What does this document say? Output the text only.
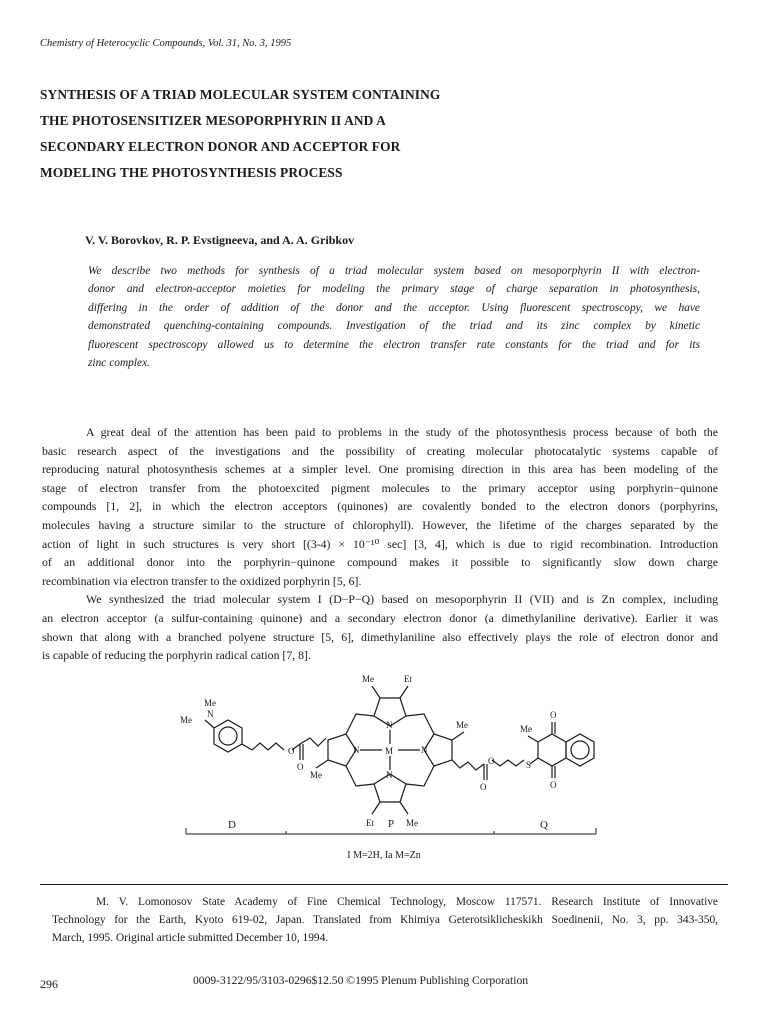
Chemistry of Heterocyclic Compounds, Vol. 31, No. 3, 1995
SYNTHESIS OF A TRIAD MOLECULAR SYSTEM CONTAINING
THE PHOTOSENSITIZER MESOPORPHYRIN II AND A
SECONDARY ELECTRON DONOR AND ACCEPTOR FOR
MODELING THE PHOTOSYNTHESIS PROCESS
V. V. Borovkov, R. P. Evstigneeva, and A. A. Gribkov
We describe two methods for synthesis of a triad molecular system based on mesoporphyrin II with electron-
donor and electron-acceptor moieties for modeling the primary stage of charge separation in photosynthesis,
differing in the order of addition of the donor and the acceptor. Using fluorescent spectroscopy, we have
demonstrated quenching-containing compounds. Investigation of the triad and its zinc complex by kinetic
fluorescent spectroscopy allowed us to determine the electron transfer rate constants for the triad and for its
zinc complex.
A great deal of the attention has been paid to problems in the study of the photosynthesis process because of both the
basic research aspect of the investigations and the possibility of creating molecular photocatalytic systems capable of
reproducing natural photosynthesis schemes at a simpler level. One promising direction in this area has been modeling of the
stage of electron transfer from the photoexcited pigment molecules to the primary acceptor using porphyrin−quinone
compounds [1, 2], in which the electron acceptors (quinones) are covalently bonded to the electron donors (porphyrins,
molecules having a structure similar to the structure of chlorophyll). However, the lifetime of the charges separated by the
action of light in such structures is very short [(3-4) × 10⁻¹⁰ sec] [3, 4], which is due to rigid recombination. Introduction
of an additional donor into the porphyrin−quinone compound makes it possible to significantly slow down charge
recombination via electron transfer to the oxidized porphyrin [5, 6].
We synthesized the triad molecular system I (D−P−Q) based on mesoporphyrin II (VII) and is Zn complex, including
an electron acceptor (a sulfur-containing quinone) and a secondary electron donor (a dimethylaniline derivative). Earlier it was
shown that along with a branched polyene structure [5, 6], dimethylaniline also effectively plays the role of electron donor and
is capable of reducing the porphyrin radical cation [7, 8].
Me
N
Me
O
O
Me
Me	Et
N
N	M	N
N
Me
Et	Me
O
O	S
Me
O
O
D	P	Q
I M=2H, Ia M=Zn
M. V. Lomonosov State Academy of Fine Chemical Technology, Moscow 117571. Research Institute of Innovative
Technology for the Earth, Kyoto 619-02, Japan. Translated from Khimiya Geterotsiklicheskikh Soedinenii, No. 3, pp. 343-350,
March, 1995. Original article submitted December 10, 1994.
296	0009-3122/95/3103-0296$12.50 ©1995 Plenum Publishing Corporation
